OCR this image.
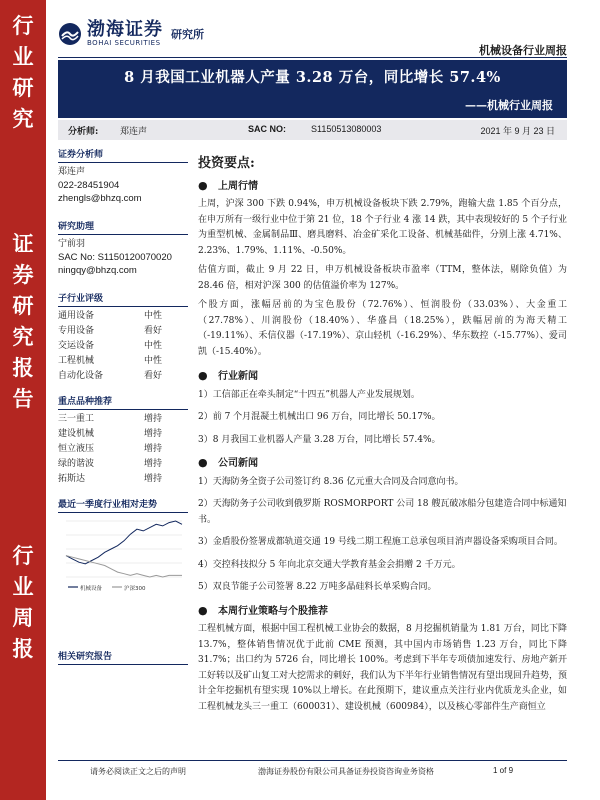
行
业
研
究
证
券
研
究
报
告
行
业
周
报
渤海证券
BOHAI SECURITIES
研究所
机械设备行业周报
8 月我国工业机器人产量 3.28 万台，同比增长 57.4%
——机械行业周报
分析师: 郑连声	SAC NO:	S1150513080003	2021 年 9 月 23 日
证券分析师
郑连声
022-28451904
zhengls@bhzq.com
研究助理
宁前羽
SAC No: S1150120070020
ningqy@bhzq.com
子行业评级
通用设备	中性
专用设备	看好
交运设备	中性
工程机械	中性
自动化设备	看好
重点品种推荐
三一重工	增持
建设机械	增持
恒立液压	增持
绿的谐波	增持
拓斯达	增持
最近一季度行业相对走势
机械设备	沪深300
相关研究报告
投资要点:
● 上周行情

上周，沪深 300 下跌 0.94%，申万机械设备板块下跌 2.79%，跑输大盘 1.85 个百分点，在申万所有一级行业中位于第 21 位，18 个子行业 4 涨 14 跌，其中表现较好的 5 个子行业为重型机械、金属制品Ⅲ、磨具磨料、冶金矿采化工设备、机械基础件，分别上涨 4.71%、2.23%、1.79%、1.11%、-0.50%。

估值方面，截止 9 月 22 日，申万机械设备板块市盈率（TTM，整体法，剔除负值）为 28.46 倍，相对沪深 300 的估值溢价率为 127%。

个股方面，涨幅居前的为宝色股份（72.76%）、恒润股份（33.03%）、大金重工（27.78%）、川润股份（18.40%）、华盛昌（18.25%），跌幅居前的为海天精工（-19.11%）、禾信仪器（-17.19%）、京山轻机（-16.29%）、华东数控（-15.77%）、爱司凯（-15.40%）。

● 行业新闻

1）工信部正在牵头制定“十四五”机器人产业发展规划。

2）前 7 个月混凝土机械出口 96 万台，同比增长 50.17%。

3）8 月我国工业机器人产量 3.28 万台，同比增长 57.4%。

● 公司新闻

1）天海防务全资子公司签订约 8.36 亿元重大合同及合同意向书。

2）天海防务子公司收到俄罗斯 ROSMORPORT 公司 18 艘瓦破冰船分包建造合同中标通知书。

3）金盾股份签署成都轨道交通 19 号线二期工程施工总承包项目消声器设备采购项目合同。

4）交控科技拟分 5 年向北京交通大学教育基金会捐赠 2 千万元。

5）双良节能子公司签署 8.22 万吨多晶硅料长单采购合同。

● 本周行业策略与个股推荐

工程机械方面，根据中国工程机械工业协会的数据，8 月挖掘机销量为 1.81 万台，同比下降 13.7%，整体销售情况优于此前 CME 预测，其中国内市场销售 1.23 万台，同比下降 31.7%；出口约为 5726 台，同比增长 100%。考虑到下半年专项债加速发行、房地产新开工好转以及矿山复工对大挖需求的刺好，我们认为下半年行业销售情况有望出现回升趋势，预计全年挖掘机有望实现 10%以上增长。在此预期下，建议重点关注行业内优质龙头企业，如工程机械龙头三一重工（600031）、建设机械（600984），以及核心零部件生产商恒立

请务必阅读正文之后的声明	渤海证券股份有限公司具备证券投资咨询业务资格	1 of 9
